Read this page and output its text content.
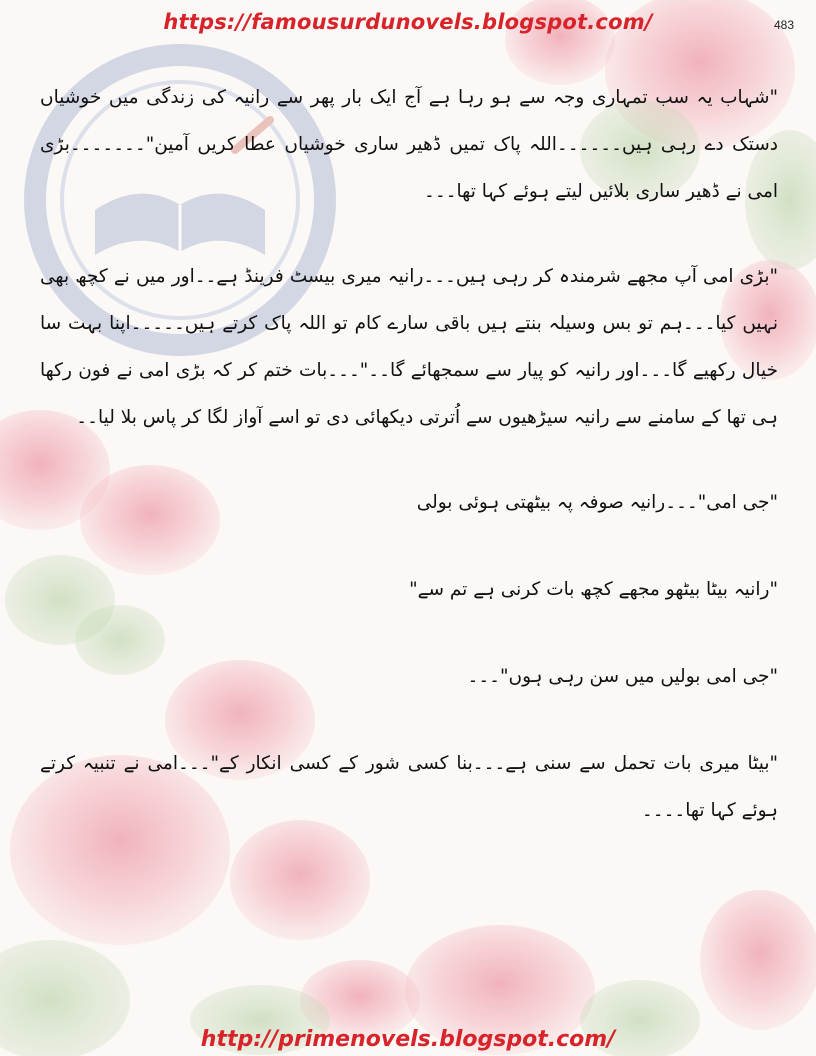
https://famousurdunovels.blogspot.com/	483

"شہاب یہ سب تمہاری وجہ سے ہو رہا ہے آج ایک بار پھر سے رانیہ کی زندگی میں خوشیاں دستک دے رہی ہیں۔۔۔۔۔۔اللہ پاک تمیں ڈھیر ساری خوشیاں عطا کریں آمین"۔۔۔۔۔۔۔بڑی امی نے ڈھیر ساری بلائیں لیتے ہوئے کہا تھا۔۔۔

"بڑی امی آپ مجھے شرمندہ کر رہی ہیں۔۔۔رانیہ میری بیسٹ فرینڈ ہے۔۔اور میں نے کچھ بھی نہیں کیا۔۔۔ہم تو بس وسیلہ بنتے ہیں باقی سارے کام تو اللہ پاک کرتے ہیں۔۔۔۔۔اپنا بہت سا خیال رکھیے گا۔۔۔اور رانیہ کو پیار سے سمجھائے گا۔۔"۔۔۔بات ختم کر کہ بڑی امی نے فون رکھا ہی تھا کے سامنے سے رانیہ سیڑھیوں سے اُترتی دیکھائی دی تو اسے آواز لگا کر پاس بلا لیا۔۔

"جی امی"۔۔۔رانیہ صوفہ پہ بیٹھتی ہوئی بولی

"رانیہ بیٹا بیٹھو مجھے کچھ بات کرنی ہے تم سے"

"جی امی بولیں میں سن رہی ہوں"۔۔۔

"بیٹا میری بات تحمل سے سنی ہے۔۔۔بنا کسی شور کے کسی انکار کے"۔۔۔امی نے تنبیہ کرتے ہوئے کہا تھا۔۔۔۔

http://primenovels.blogspot.com/
